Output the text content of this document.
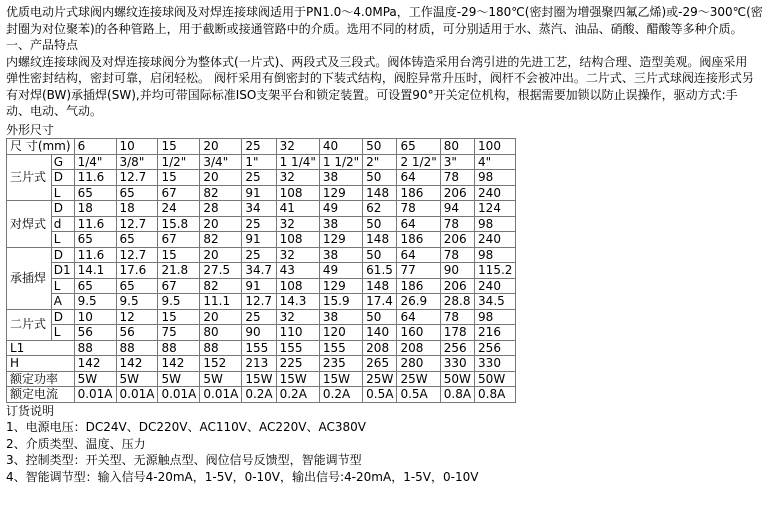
优质电动片式球阀内螺纹连接球阀及对焊连接球阀适用于PN1.0～4.0MPa，工作温度-29～180℃(密封圈为增强聚四氟乙烯)或-29～300℃(密

封圈为对位聚苯)的各种管路上，用于截断或接通管路中的介质。选用不同的材质，可分别适用于水、蒸汽、油品、硝酸、醋酸等多种介质。

一、产品特点

内螺纹连接球阀及对焊连接球阀分为整体式(一片式)、两段式及三段式。阀体铸造采用台湾引进的先进工艺，结构合理、造型美观。阀座采用

弹性密封结构，密封可靠，启闭轻松。 阀杆采用有倒密封的下装式结构，阀腔异常升压时，阀杆不会被冲出。二片式、三片式球阀连接形式另

有对焊(BW)承插焊(SW),并均可带国际标准ISO支架平台和锁定装置。可设置90°开关定位机构，根据需要加锁以防止误操作，驱动方式:手

动、电动、气动。

外形尺寸

尺 寸(mm)		6	10	15	20	25	32	40	50	65	80	100
三片式	G	1/4"	3/8"	1/2"	3/4"	1"	1 1/4"	1 1/2"	2"	2 1/2"	3"	4"
	D	11.6	12.7	15	20	25	32	38	50	64	78	98
	L	65	65	67	82	91	108	129	148	186	206	240
对焊式	D	18	18	24	28	34	41	49	62	78	94	124
	d	11.6	12.7	15.8	20	25	32	38	50	64	78	98
	L	65	65	67	82	91	108	129	148	186	206	240
承插焊	D	11.6	12.7	15	20	25	32	38	50	64	78	98
	D1	14.1	17.6	21.8	27.5	34.7	43	49	61.5	77	90	115.2
	L	65	65	67	82	91	108	129	148	186	206	240
	A	9.5	9.5	9.5	11.1	12.7	14.3	15.9	17.4	26.9	28.8	34.5
二片式	D	10	12	15	20	25	32	38	50	64	78	98
	L	56	56	75	80	90	110	120	140	160	178	216
L1		88	88	88	88	155	155	155	208	208	256	256
H		142	142	142	152	213	225	235	265	280	330	330
额定功率		5W	5W	5W	5W	15W	15W	15W	25W	25W	50W	50W
额定电流		0.01A	0.01A	0.01A	0.01A	0.2A	0.2A	0.2A	0.5A	0.5A	0.8A	0.8A

订货说明

1、电源电压：DC24V、DC220V、AC110V、AC220V、AC380V

2、介质类型、温度、压力

3、控制类型：开关型、无源触点型、阀位信号反馈型，智能调节型

4、智能调节型：输入信号4-20mA，1-5V，0-10V，输出信号:4-20mA，1-5V，0-10V
